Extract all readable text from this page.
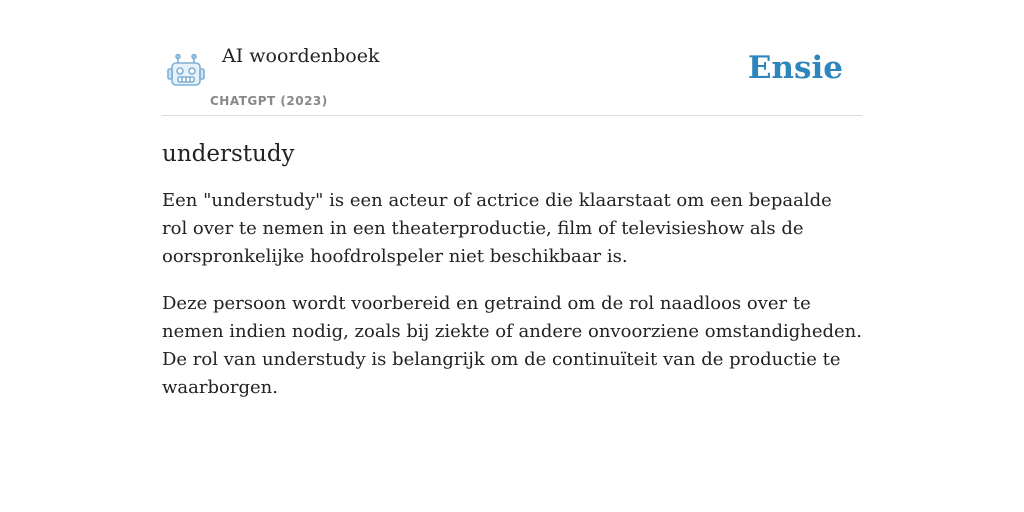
AI woordenboek
CHATGPT (2023)
Ensie
understudy

Een "understudy" is een acteur of actrice die klaarstaat om een bepaalde rol over te nemen in een theaterproductie, film of televisieshow als de oorspronkelijke hoofdrolspeler niet beschikbaar is.

Deze persoon wordt voorbereid en getraind om de rol naadloos over te nemen indien nodig, zoals bij ziekte of andere onvoorziene omstandigheden. De rol van understudy is belangrijk om de continuïteit van de productie te waarborgen.
